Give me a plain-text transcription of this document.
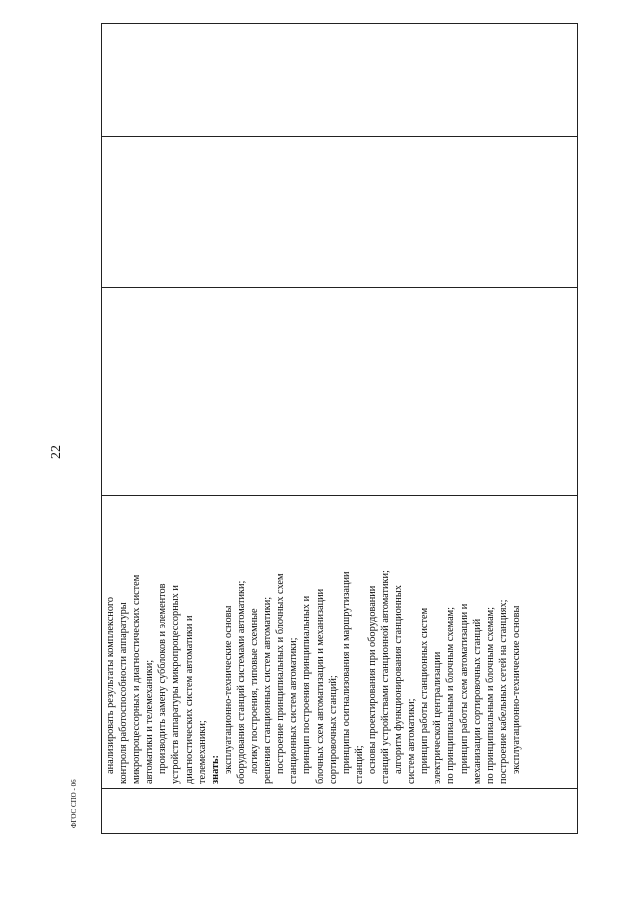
22

анализировать результаты комплексного контроля работоспособности аппаратуры микропроцессорных и диагностических систем автоматики и телемеханики; производить замену субблоков и элементов устройств аппаратуры микропроцессорных и диагностических систем автоматики и телемеханики; знать: эксплуатационно-технические основы оборудования станций системами автоматики; логику построения, типовые схемные решения станционных систем автоматики; построение принципиальных и блочных схем станционных систем автоматики; принцип построения принципиальных и блочных схем автоматизации и механизации сортировочных станций; принципы осигнализования и маршрутизации станций; основы проектирования при оборудовании станций устройствами станционной автоматики; алгоритм функционирования станционных систем автоматики; принцип работы станционных систем электрической централизации по принципиальным и блочным схемам; принцип работы схем автоматизации и механизации сортировочных станций по принципиальным и блочным схемам; построение кабельных сетей на станциях; эксплуатационно-технические основы

ФГОС СПО - 06
